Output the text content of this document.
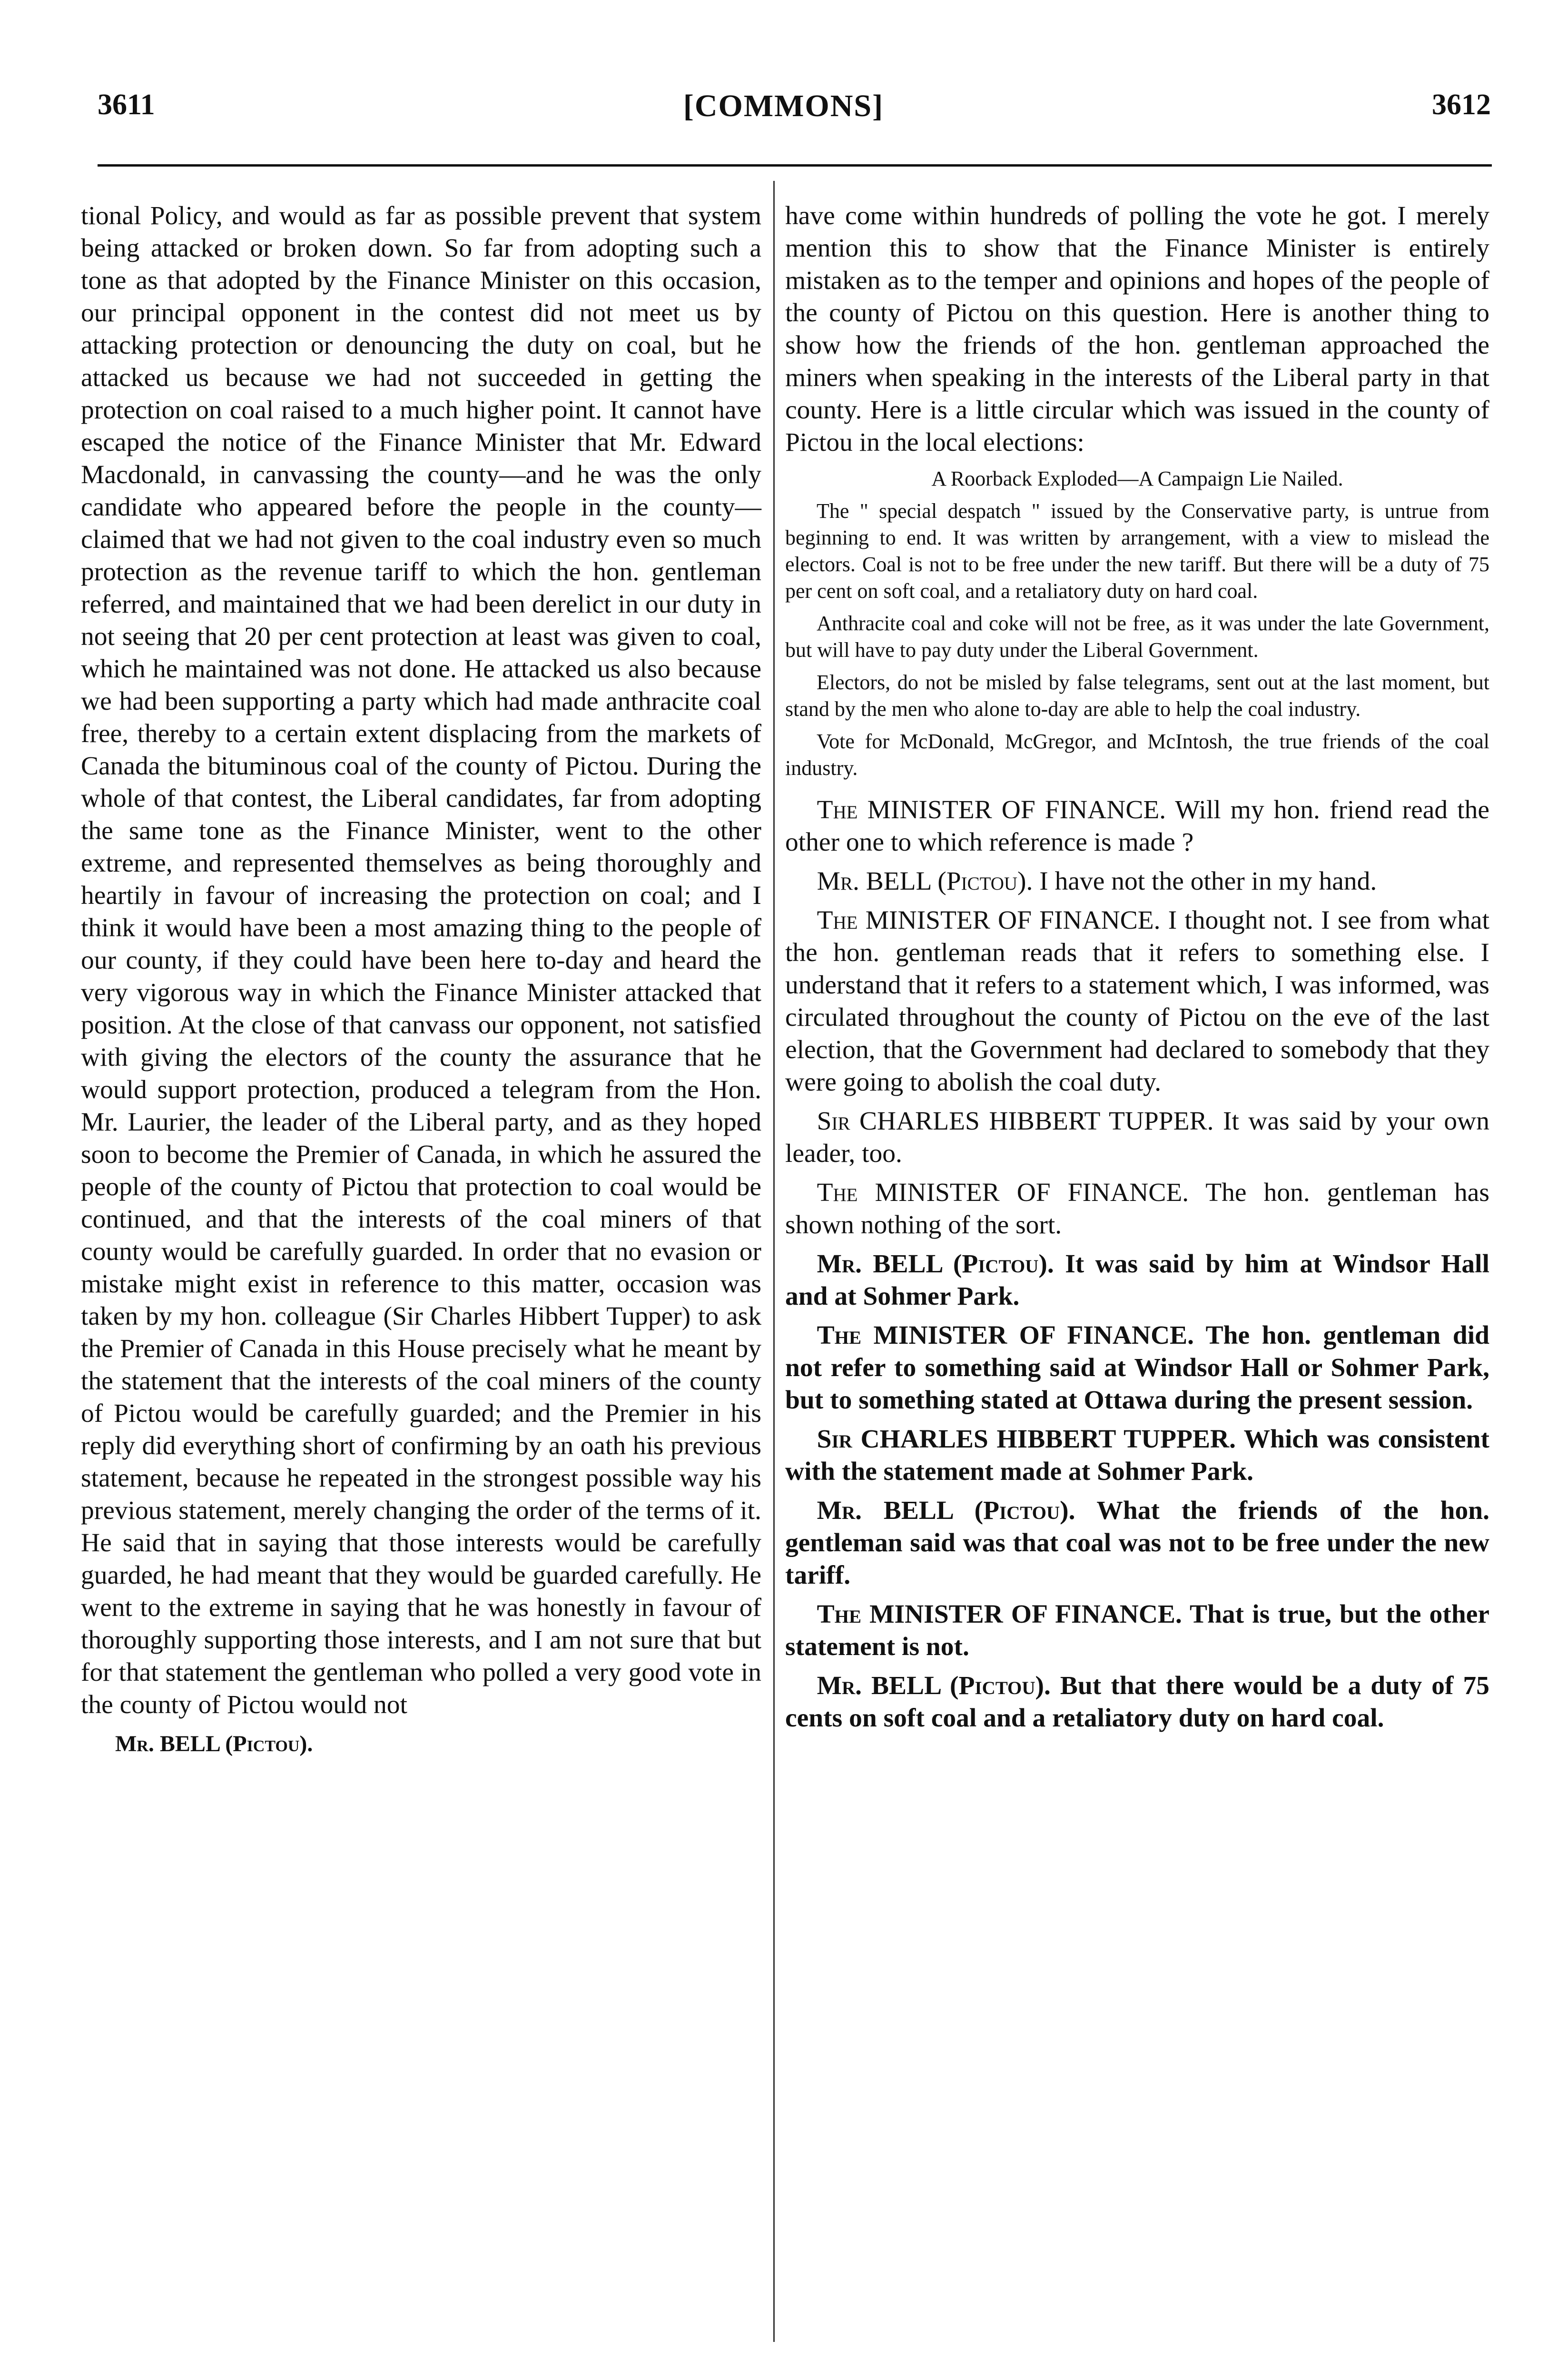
3611	[COMMONS]	3612

tional Policy, and would as far as possible prevent that system being attacked or broken down. So far from adopting such a tone as that adopted by the Finance Minister on this occasion, our principal opponent in the contest did not meet us by attacking protection or denouncing the duty on coal, but he attacked us because we had not succeeded in getting the protection on coal raised to a much higher point. It cannot have escaped the notice of the Finance Minister that Mr. Edward Macdonald, in canvassing the county—and he was the only candidate who appeared before the people in the county—claimed that we had not given to the coal industry even so much protection as the revenue tariff to which the hon. gentleman referred, and maintained that we had been derelict in our duty in not seeing that 20 per cent protection at least was given to coal, which he maintained was not done. He attacked us also because we had been supporting a party which had made anthracite coal free, thereby to a certain extent displacing from the markets of Canada the bituminous coal of the county of Pictou. During the whole of that contest, the Liberal candidates, far from adopting the same tone as the Finance Minister, went to the other extreme, and represented themselves as being thoroughly and heartily in favour of increasing the protection on coal; and I think it would have been a most amazing thing to the people of our county, if they could have been here to-day and heard the very vigorous way in which the Finance Minister attacked that position. At the close of that canvass our opponent, not satisfied with giving the electors of the county the assurance that he would support protection, produced a telegram from the Hon. Mr. Laurier, the leader of the Liberal party, and as they hoped soon to become the Premier of Canada, in which he assured the people of the county of Pictou that protection to coal would be continued, and that the interests of the coal miners of that county would be carefully guarded. In order that no evasion or mistake might exist in reference to this matter, occasion was taken by my hon. colleague (Sir Charles Hibbert Tupper) to ask the Premier of Canada in this House precisely what he meant by the statement that the interests of the coal miners of the county of Pictou would be carefully guarded; and the Premier in his reply did everything short of confirming by an oath his previous statement, because he repeated in the strongest possible way his previous statement, merely changing the order of the terms of it. He said that in saying that those interests would be carefully guarded, he had meant that they would be guarded carefully. He went to the extreme in saying that he was honestly in favour of thoroughly supporting those interests, and I am not sure that but for that statement the gentleman who polled a very good vote in the county of Pictou would not

Mr. BELL (Pictou).

have come within hundreds of polling the vote he got. I merely mention this to show that the Finance Minister is entirely mistaken as to the temper and opinions and hopes of the people of the county of Pictou on this question. Here is another thing to show how the friends of the hon. gentleman approached the miners when speaking in the interests of the Liberal party in that county. Here is a little circular which was issued in the county of Pictou in the local elections:

A Roorback Exploded—A Campaign Lie Nailed.

The " special despatch " issued by the Conservative party, is untrue from beginning to end. It was written by arrangement, with a view to mislead the electors. Coal is not to be free under the new tariff. But there will be a duty of 75 per cent on soft coal, and a retaliatory duty on hard coal.

Anthracite coal and coke will not be free, as it was under the late Government, but will have to pay duty under the Liberal Government.

Electors, do not be misled by false telegrams, sent out at the last moment, but stand by the men who alone to-day are able to help the coal industry.

Vote for McDonald, McGregor, and McIntosh, the true friends of the coal industry.

The MINISTER OF FINANCE. Will my hon. friend read the other one to which reference is made ?

Mr. BELL (Pictou). I have not the other in my hand.

The MINISTER OF FINANCE. I thought not. I see from what the hon. gentleman reads that it refers to something else. I understand that it refers to a statement which, I was informed, was circulated throughout the county of Pictou on the eve of the last election, that the Government had declared to somebody that they were going to abolish the coal duty.

Sir CHARLES HIBBERT TUPPER. It was said by your own leader, too.

The MINISTER OF FINANCE. The hon. gentleman has shown nothing of the sort.

Mr. BELL (Pictou). It was said by him at Windsor Hall and at Sohmer Park.

The MINISTER OF FINANCE. The hon. gentleman did not refer to something said at Windsor Hall or Sohmer Park, but to something stated at Ottawa during the present session.

Sir CHARLES HIBBERT TUPPER. Which was consistent with the statement made at Sohmer Park.

Mr. BELL (Pictou). What the friends of the hon. gentleman said was that coal was not to be free under the new tariff.

The MINISTER OF FINANCE. That is true, but the other statement is not.

Mr. BELL (Pictou). But that there would be a duty of 75 cents on soft coal and a retaliatory duty on hard coal.
